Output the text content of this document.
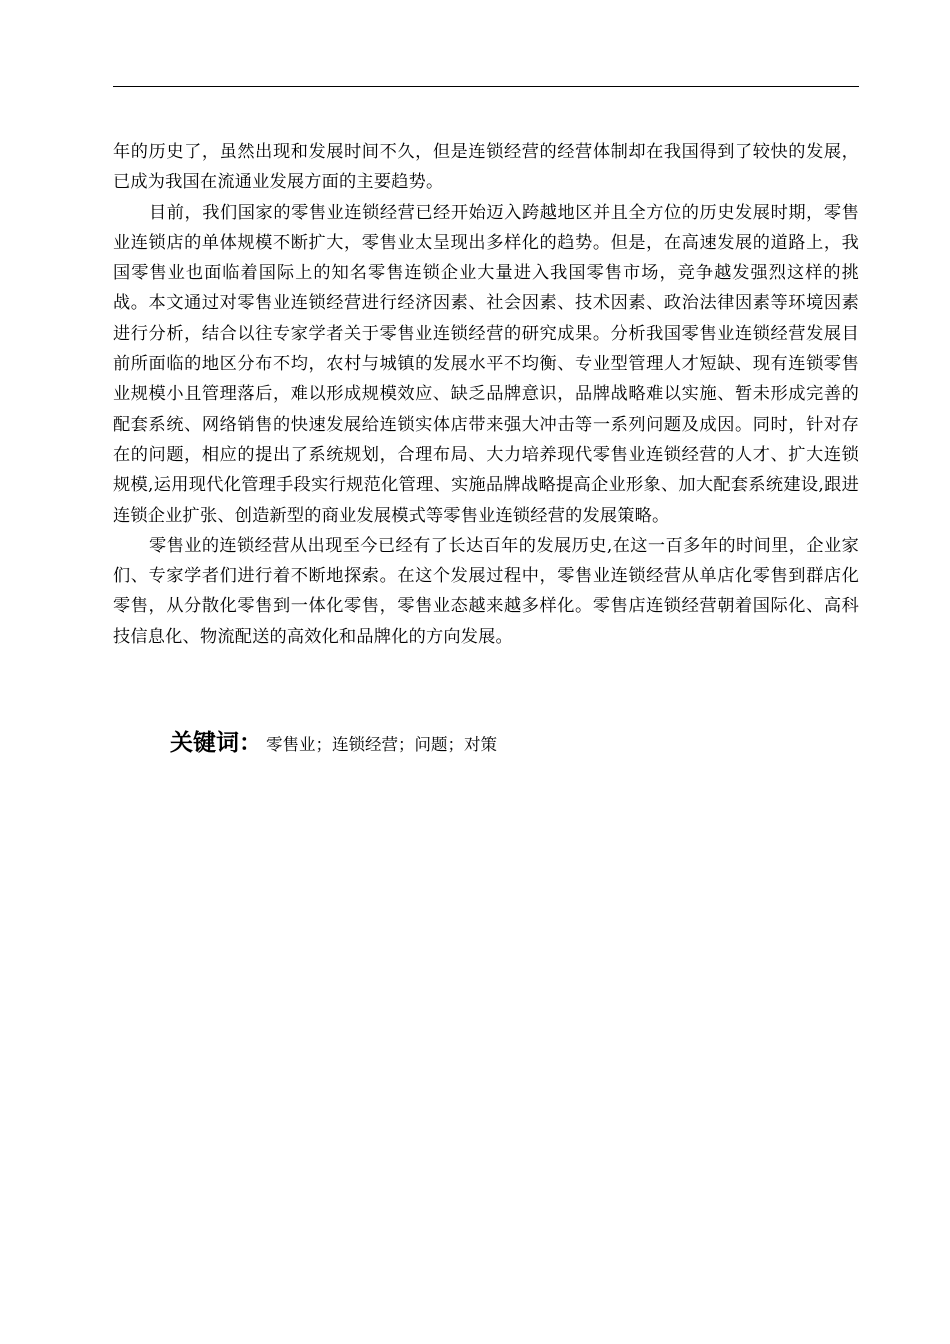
年的历史了，虽然出现和发展时间不久，但是连锁经营的经营体制却在我国得到了较快的发展，已成为我国在流通业发展方面的主要趋势。

目前，我们国家的零售业连锁经营已经开始迈入跨越地区并且全方位的历史发展时期，零售业连锁店的单体规模不断扩大，零售业太呈现出多样化的趋势。但是，在高速发展的道路上，我国零售业也面临着国际上的知名零售连锁企业大量进入我国零售市场，竞争越发强烈这样的挑战。本文通过对零售业连锁经营进行经济因素、社会因素、技术因素、政治法律因素等环境因素进行分析，结合以往专家学者关于零售业连锁经营的研究成果。分析我国零售业连锁经营发展目前所面临的地区分布不均，农村与城镇的发展水平不均衡、专业型管理人才短缺、现有连锁零售业规模小且管理落后，难以形成规模效应、缺乏品牌意识，品牌战略难以实施、暂未形成完善的配套系统、网络销售的快速发展给连锁实体店带来强大冲击等一系列问题及成因。同时，针对存在的问题，相应的提出了系统规划，合理布局、大力培养现代零售业连锁经营的人才、扩大连锁规模,运用现代化管理手段实行规范化管理、实施品牌战略提高企业形象、加大配套系统建设,跟进连锁企业扩张、创造新型的商业发展模式等零售业连锁经营的发展策略。

零售业的连锁经营从出现至今已经有了长达百年的发展历史,在这一百多年的时间里，企业家们、专家学者们进行着不断地探索。在这个发展过程中，零售业连锁经营从单店化零售到群店化零售，从分散化零售到一体化零售，零售业态越来越多样化。零售店连锁经营朝着国际化、高科技信息化、物流配送的高效化和品牌化的方向发展。

关键词： 零售业；连锁经营；问题；对策
